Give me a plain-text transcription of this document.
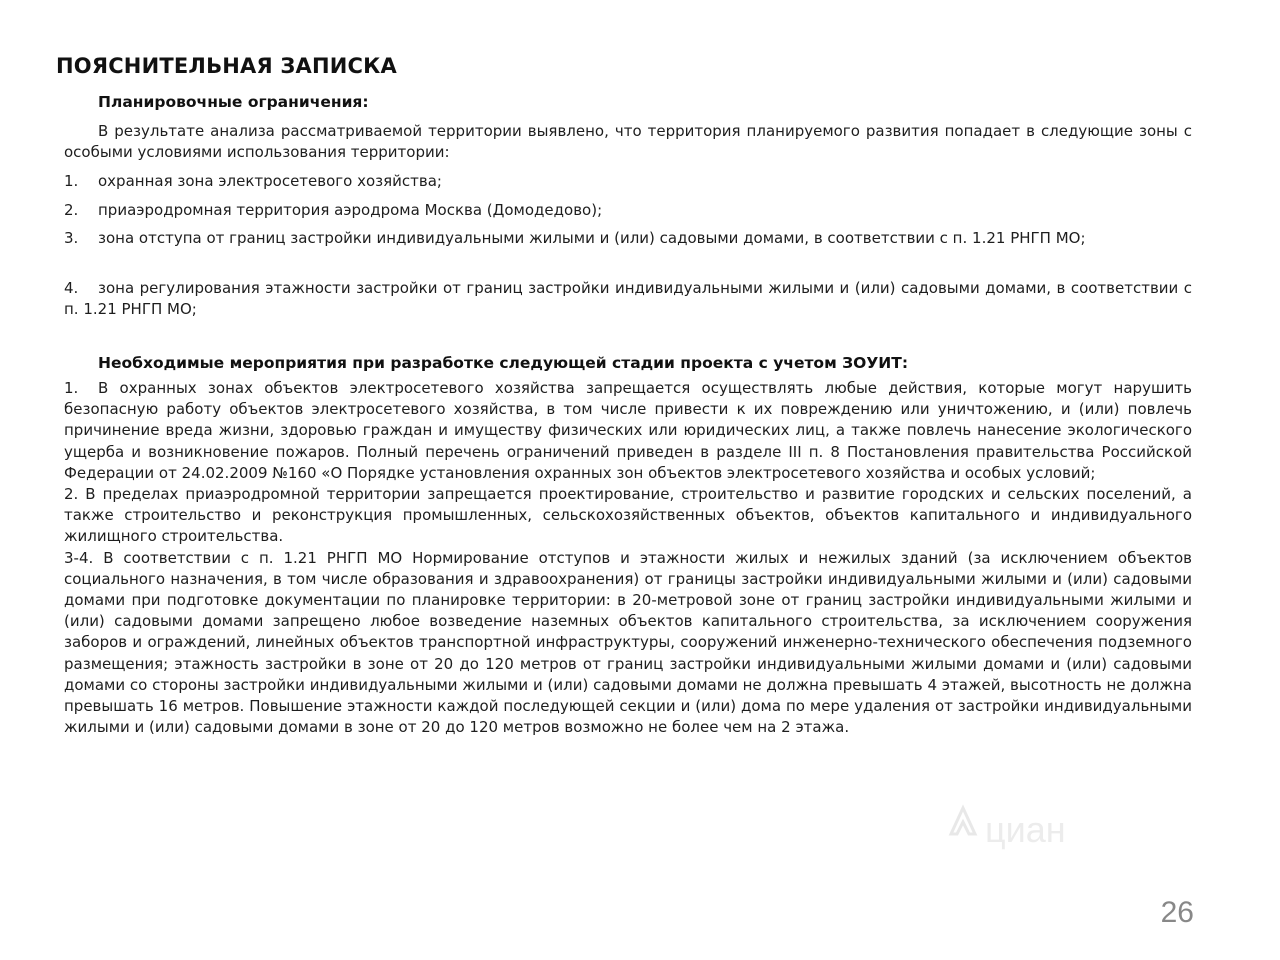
ПОЯСНИТЕЛЬНАЯ ЗАПИСКА
Планировочные ограничения:
В результате анализа рассматриваемой территории выявлено, что территория планируемого развития попадает в следующие зоны с особыми условиями использования территории:
1. охранная зона электросетевого хозяйства;
2. приаэродромная территория аэродрома Москва (Домодедово);
3. зона отступа от границ застройки индивидуальными жилыми и (или) садовыми домами, в соответствии с п. 1.21 РНГП МО;
4. зона регулирования этажности застройки от границ застройки индивидуальными жилыми и (или) садовыми домами, в соответствии с п. 1.21 РНГП МО;
Необходимые мероприятия при разработке следующей стадии проекта с учетом ЗОУИТ:

1. В охранных зонах объектов электросетевого хозяйства запрещается осуществлять любые действия, которые могут нарушить безопасную работу объектов электросетевого хозяйства, в том числе привести к их повреждению или уничтожению, и (или) повлечь причинение вреда жизни, здоровью граждан и имуществу физических или юридических лиц, а также повлечь нанесение экологического ущерба и возникновение пожаров. Полный перечень ограничений приведен в разделе III п. 8 Постановления правительства Российской Федерации от 24.02.2009 №160 «О Порядке установления охранных зон объектов электросетевого хозяйства и особых условий;

2. В пределах приаэродромной территории запрещается проектирование, строительство и развитие городских и сельских поселений, а также строительство и реконструкция промышленных, сельскохозяйственных объектов, объектов капитального и индивидуального жилищного строительства.

3-4. В соответствии с п. 1.21 РНГП МО Нормирование отступов и этажности жилых и нежилых зданий (за исключением объектов социального назначения, в том числе образования и здравоохранения) от границы застройки индивидуальными жилыми и (или) садовыми домами при подготовке документации по планировке территории: в 20-метровой зоне от границ застройки индивидуальными жилыми и (или) садовыми домами запрещено любое возведение наземных объектов капитального строительства, за исключением сооружения заборов и ограждений, линейных объектов транспортной инфраструктуры, сооружений инженерно-технического обеспечения подземного размещения; этажность застройки в зоне от 20 до 120 метров от границ застройки индивидуальными жилыми домами и (или) садовыми домами со стороны застройки индивидуальными жилыми и (или) садовыми домами не должна превышать 4 этажей, высотность не должна превышать 16 метров. Повышение этажности каждой последующей секции и (или) дома по мере удаления от застройки индивидуальными жилыми и (или) садовыми домами в зоне от 20 до 120 метров возможно не более чем на 2 этажа.

циан
26
